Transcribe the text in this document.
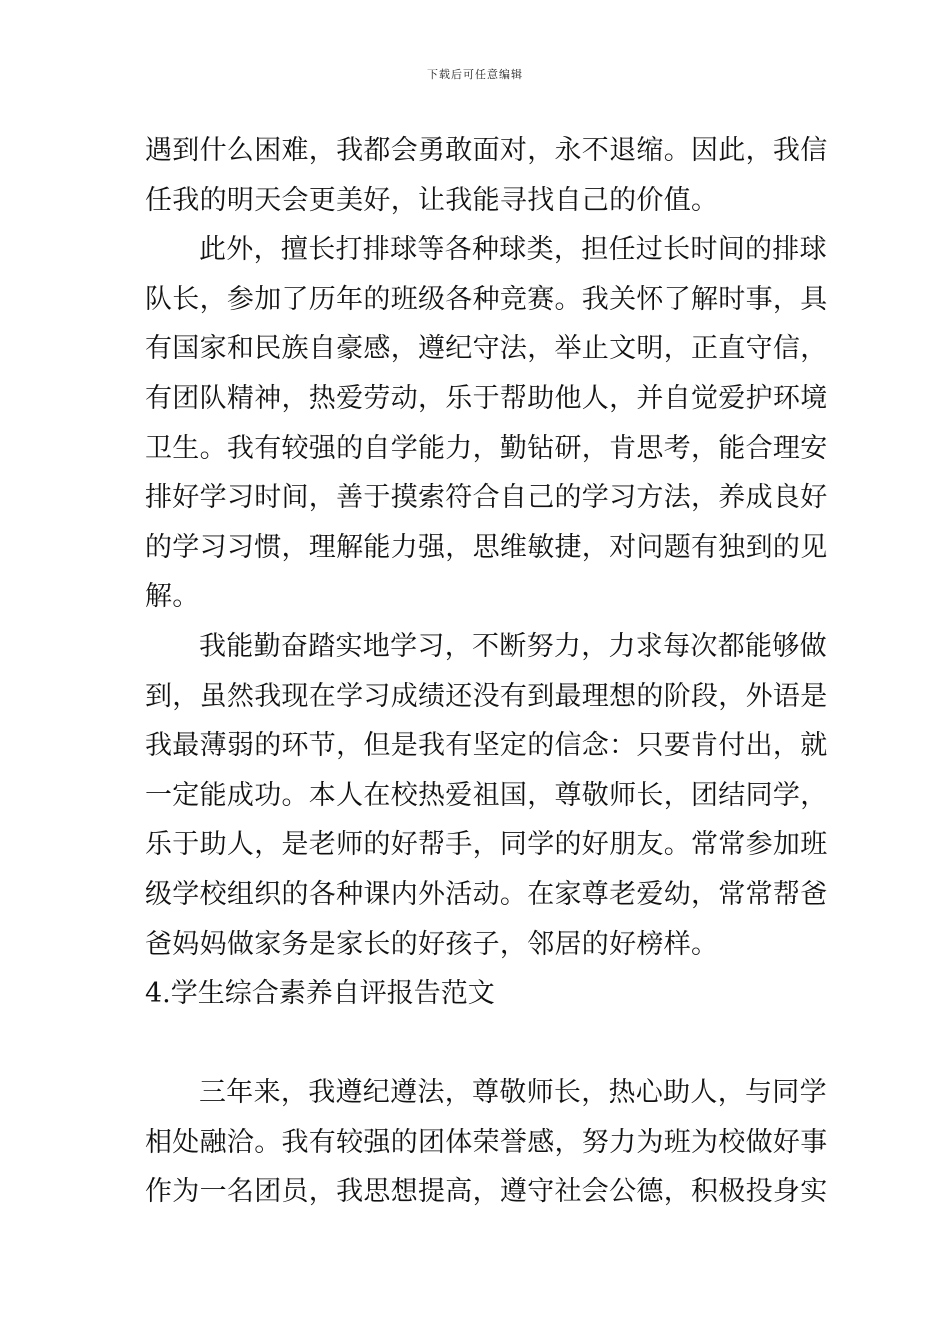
下载后可任意编辑
遇到什么困难，我都会勇敢面对，永不退缩。因此，我信
任我的明天会更美好，让我能寻找自己的价值。
此外，擅长打排球等各种球类，担任过长时间的排球
队长，参加了历年的班级各种竞赛。我关怀了解时事，具
有国家和民族自豪感，遵纪守法，举止文明，正直守信，
有团队精神，热爱劳动，乐于帮助他人，并自觉爱护环境
卫生。我有较强的自学能力，勤钻研，肯思考，能合理安
排好学习时间，善于摸索符合自己的学习方法，养成良好
的学习习惯，理解能力强，思维敏捷，对问题有独到的见
解。
我能勤奋踏实地学习，不断努力，力求每次都能够做
到，虽然我现在学习成绩还没有到最理想的阶段，外语是
我最薄弱的环节，但是我有坚定的信念：只要肯付出，就
一定能成功。本人在校热爱祖国，尊敬师长，团结同学，
乐于助人，是老师的好帮手，同学的好朋友。常常参加班
级学校组织的各种课内外活动。在家尊老爱幼，常常帮爸
爸妈妈做家务是家长的好孩子，邻居的好榜样。
4.学生综合素养自评报告范文
三年来，我遵纪遵法，尊敬师长，热心助人，与同学
相处融洽。我有较强的团体荣誉感，努力为班为校做好事
作为一名团员，我思想提高，遵守社会公德，积极投身实
